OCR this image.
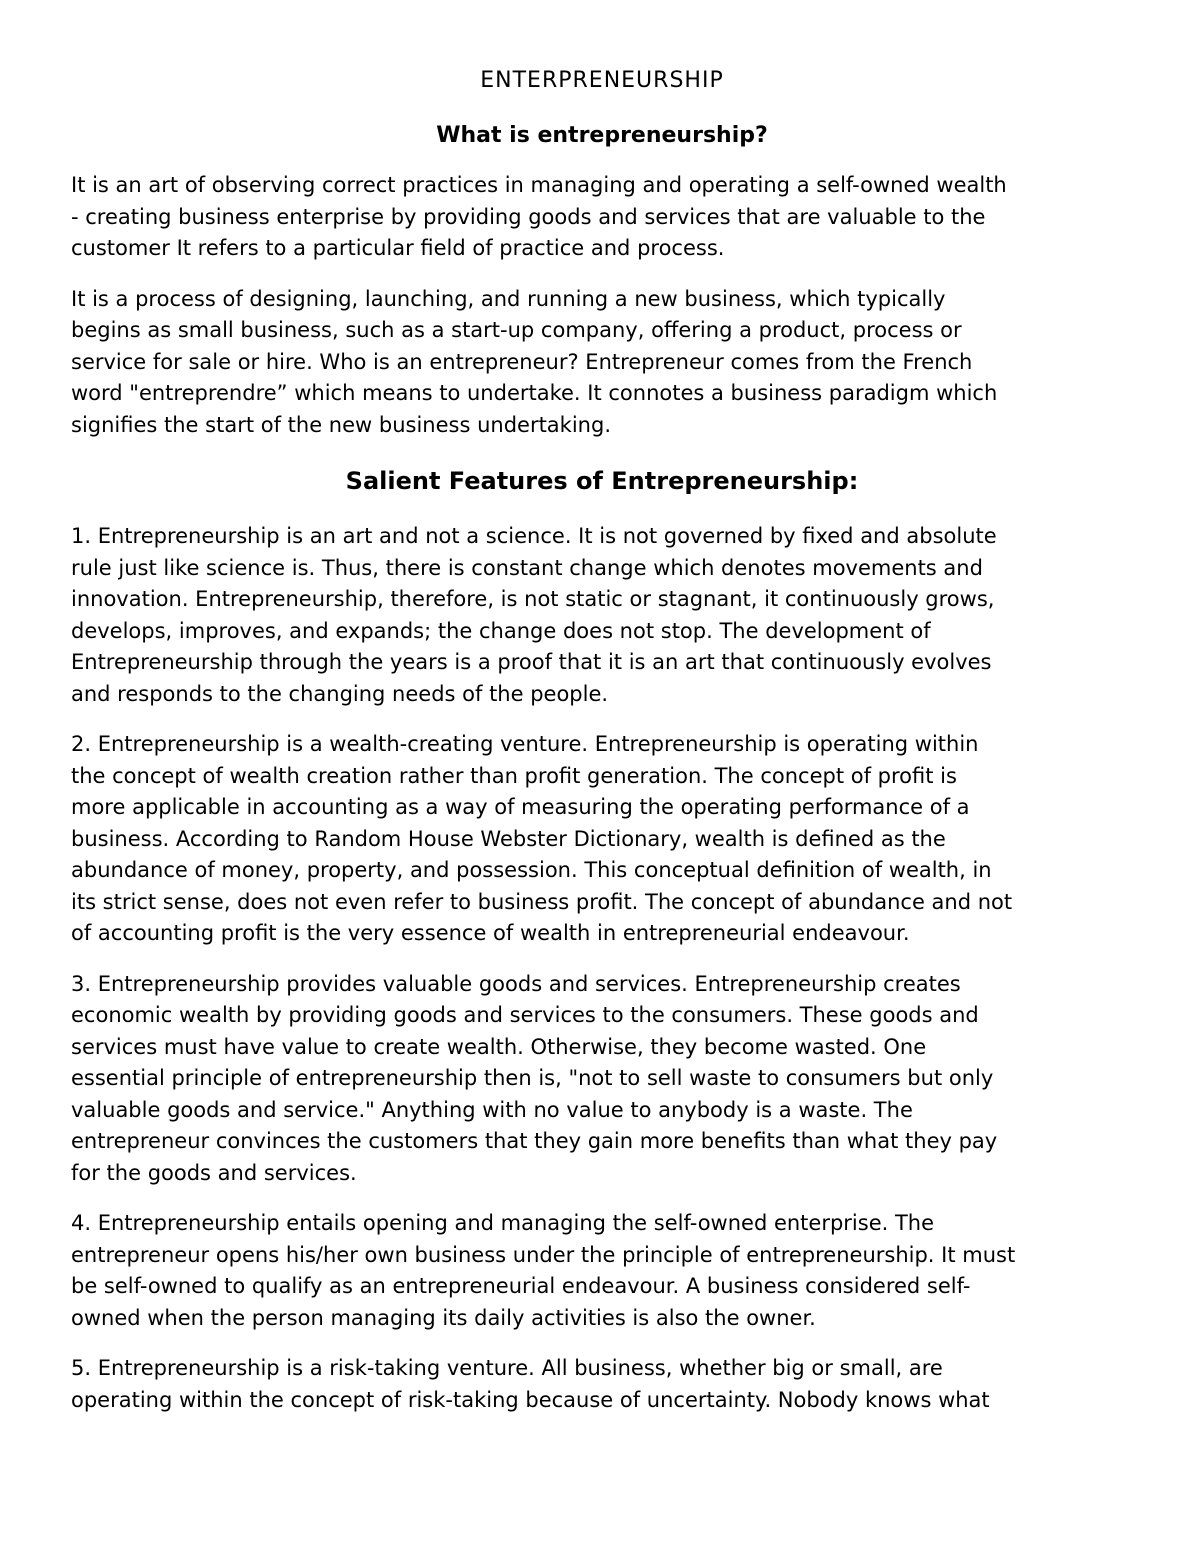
ENTERPRENEURSHIP
What is entrepreneurship?

It is an art of observing correct practices in managing and operating a self-owned wealth
- creating business enterprise by providing goods and services that are valuable to the
customer It refers to a particular field of practice and process.

It is a process of designing, launching, and running a new business, which typically
begins as small business, such as a start-up company, offering a product, process or
service for sale or hire. Who is an entrepreneur? Entrepreneur comes from the French
word "entreprendre” which means to undertake. It connotes a business paradigm which
signifies the start of the new business undertaking.

Salient Features of Entrepreneurship:

1. Entrepreneurship is an art and not a science. It is not governed by fixed and absolute
rule just like science is. Thus, there is constant change which denotes movements and
innovation. Entrepreneurship, therefore, is not static or stagnant, it continuously grows,
develops, improves, and expands; the change does not stop. The development of
Entrepreneurship through the years is a proof that it is an art that continuously evolves
and responds to the changing needs of the people.

2. Entrepreneurship is a wealth-creating venture. Entrepreneurship is operating within
the concept of wealth creation rather than profit generation. The concept of profit is
more applicable in accounting as a way of measuring the operating performance of a
business. According to Random House Webster Dictionary, wealth is defined as the
abundance of money, property, and possession. This conceptual definition of wealth, in
its strict sense, does not even refer to business profit. The concept of abundance and not
of accounting profit is the very essence of wealth in entrepreneurial endeavour.

3. Entrepreneurship provides valuable goods and services. Entrepreneurship creates
economic wealth by providing goods and services to the consumers. These goods and
services must have value to create wealth. Otherwise, they become wasted. One
essential principle of entrepreneurship then is, "not to sell waste to consumers but only
valuable goods and service." Anything with no value to anybody is a waste. The
entrepreneur convinces the customers that they gain more benefits than what they pay
for the goods and services.

4. Entrepreneurship entails opening and managing the self-owned enterprise. The
entrepreneur opens his/her own business under the principle of entrepreneurship. It must
be self-owned to qualify as an entrepreneurial endeavour. A business considered self-
owned when the person managing its daily activities is also the owner.

5. Entrepreneurship is a risk-taking venture. All business, whether big or small, are
operating within the concept of risk-taking because of uncertainty. Nobody knows what
